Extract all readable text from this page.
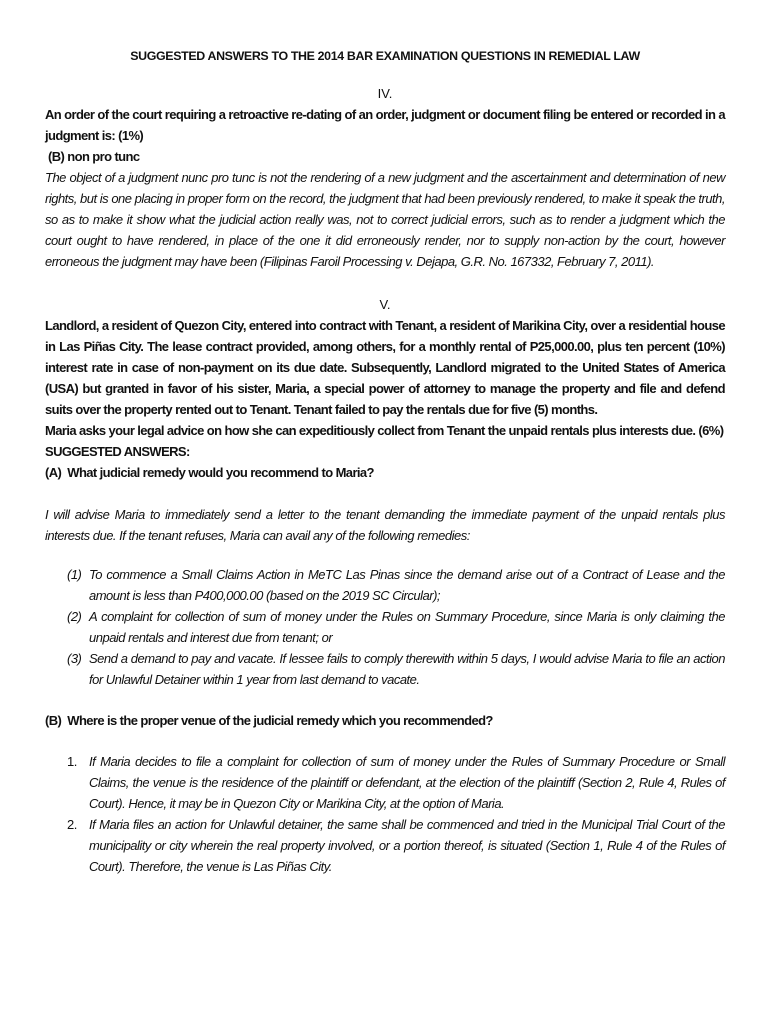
SUGGESTED ANSWERS TO THE 2014 BAR EXAMINATION QUESTIONS IN REMEDIAL LAW
IV.

An order of the court requiring a retroactive re-dating of an order, judgment or document filing be entered or recorded in a judgment is: (1%)

(B) non pro tunc

The object of a judgment nunc pro tunc is not the rendering of a new judgment and the ascertainment and determination of new rights, but is one placing in proper form on the record, the judgment that had been previously rendered, to make it speak the truth, so as to make it show what the judicial action really was, not to correct judicial errors, such as to render a judgment which the court ought to have rendered, in place of the one it did erroneously render, nor to supply non-action by the court, however erroneous the judgment may have been (Filipinas Faroil Processing v. Dejapa, G.R. No. 167332, February 7, 2011).

V.

Landlord, a resident of Quezon City, entered into contract with Tenant, a resident of Marikina City, over a residential house in Las Piñas City. The lease contract provided, among others, for a monthly rental of P25,000.00, plus ten percent (10%) interest rate in case of non-payment on its due date. Subsequently, Landlord migrated to the United States of America (USA) but granted in favor of his sister, Maria, a special power of attorney to manage the property and file and defend suits over the property rented out to Tenant. Tenant failed to pay the rentals due for five (5) months.

Maria asks your legal advice on how she can expeditiously collect from Tenant the unpaid rentals plus interests due. (6%)

SUGGESTED ANSWERS:

(A)  What judicial remedy would you recommend to Maria?

I will advise Maria to immediately send a letter to the tenant demanding the immediate payment of the unpaid rentals plus interests due. If the tenant refuses, Maria can avail any of the following remedies:

(1) To commence a Small Claims Action in MeTC Las Pinas since the demand arise out of a Contract of Lease and the amount is less than P400,000.00 (based on the 2019 SC Circular);
(2) A complaint for collection of sum of money under the Rules on Summary Procedure, since Maria is only claiming the unpaid rentals and interest due from tenant; or
(3) Send a demand to pay and vacate. If lessee fails to comply therewith within 5 days, I would advise Maria to file an action for Unlawful Detainer within 1 year from last demand to vacate.

(B)  Where is the proper venue of the judicial remedy which you recommended?

1. If Maria decides to file a complaint for collection of sum of money under the Rules of Summary Procedure or Small Claims, the venue is the residence of the plaintiff or defendant, at the election of the plaintiff (Section 2, Rule 4, Rules of Court). Hence, it may be in Quezon City or Marikina City, at the option of Maria.
2. If Maria files an action for Unlawful detainer, the same shall be commenced and tried in the Municipal Trial Court of the municipality or city wherein the real property involved, or a portion thereof, is situated (Section 1, Rule 4 of the Rules of Court). Therefore, the venue is Las Piñas City.
